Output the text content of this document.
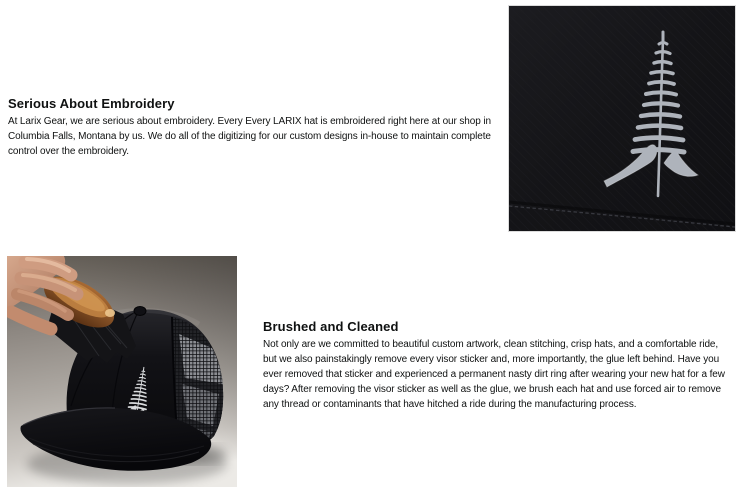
Serious About Embroidery

At Larix Gear, we are serious about embroidery. Every Every LARIX hat is embroidered right here at our shop in Columbia Falls, Montana by us. We do all of the digitizing for our custom designs in-house to maintain complete control over the embroidery.

Brushed and Cleaned

Not only are we committed to beautiful custom artwork, clean stitching, crisp hats, and a comfortable ride, but we also painstakingly remove every visor sticker and, more importantly, the glue left behind. Have you ever removed that sticker and experienced a permanent nasty dirt ring after wearing your new hat for a few days? After removing the visor sticker as well as the glue, we brush each hat and use forced air to remove any thread or contaminants that have hitched a ride during the manufacturing process.
